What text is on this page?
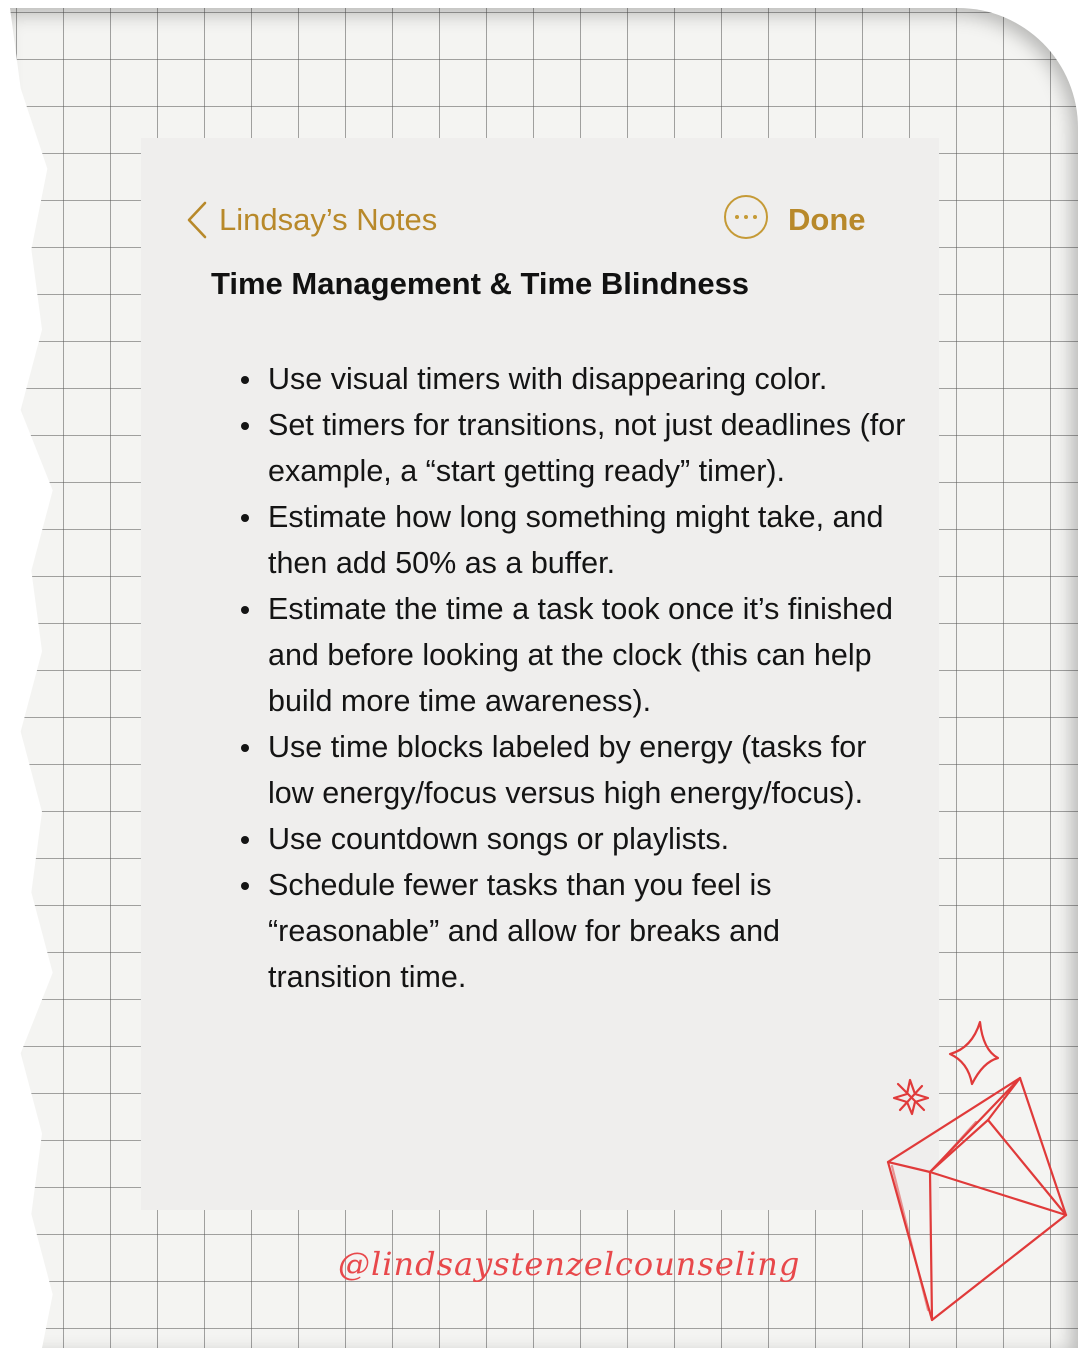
Lindsay’s Notes	Done
Time Management & Time Blindness
Use visual timers with disappearing color.
Set timers for transitions, not just deadlines (for example, a “start getting ready” timer).
Estimate how long something might take, and then add 50% as a buffer.
Estimate the time a task took once it’s finished and before looking at the clock (this can help build more time awareness).
Use time blocks labeled by energy (tasks for low energy/focus versus high energy/focus).
Use countdown songs or playlists.
Schedule fewer tasks than you feel is “reasonable” and allow for breaks and transition time.
@lindsaystenzelcounseling
